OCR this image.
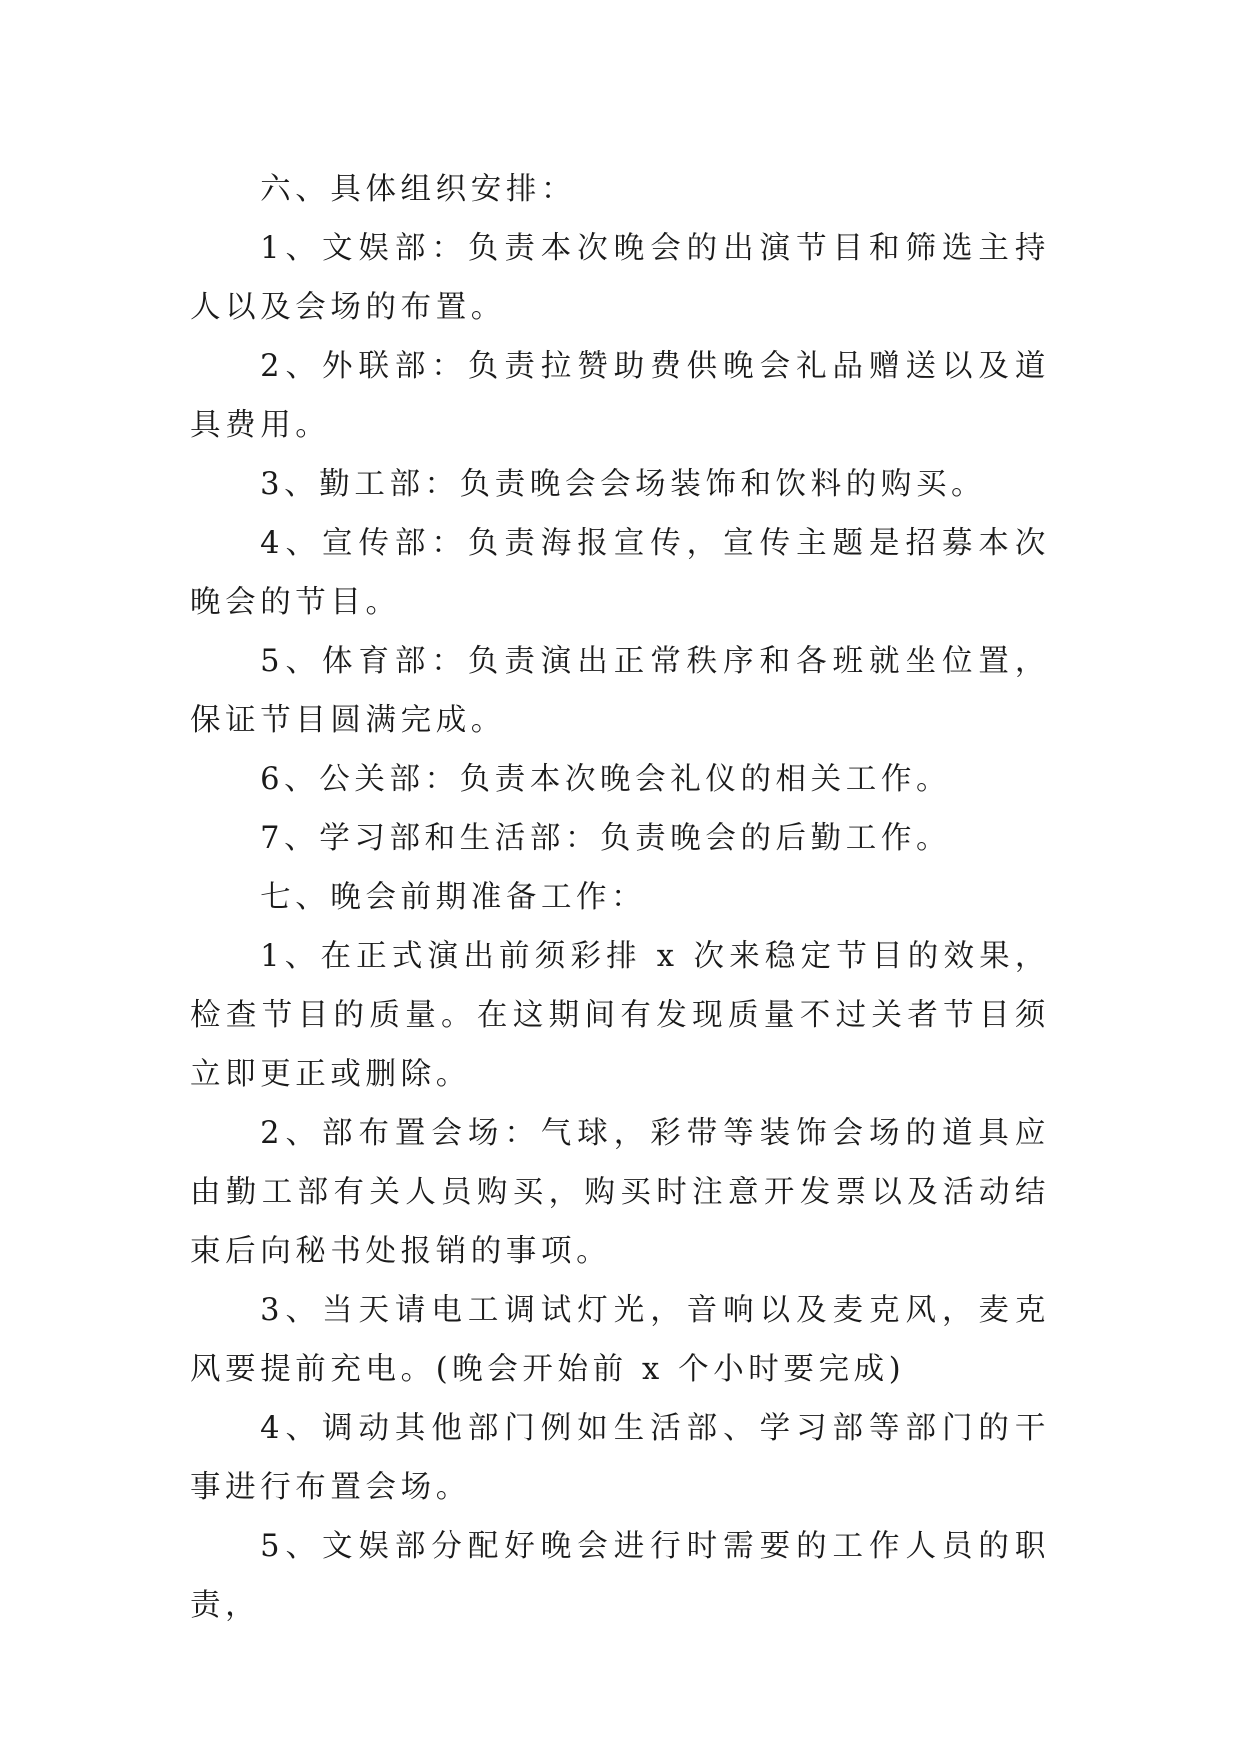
六、具体组织安排：

1、文娱部：负责本次晚会的出演节目和筛选主持人以及会场的布置。

2、外联部：负责拉赞助费供晚会礼品赠送以及道具费用。

3、勤工部：负责晚会会场装饰和饮料的购买。

4、宣传部：负责海报宣传，宣传主题是招募本次晚会的节目。

5、体育部：负责演出正常秩序和各班就坐位置，保证节目圆满完成。

6、公关部：负责本次晚会礼仪的相关工作。

7、学习部和生活部：负责晚会的后勤工作。

七、晚会前期准备工作：

1、在正式演出前须彩排 x 次来稳定节目的效果，检查节目的质量。在这期间有发现质量不过关者节目须立即更正或删除。

2、部布置会场：气球，彩带等装饰会场的道具应由勤工部有关人员购买，购买时注意开发票以及活动结束后向秘书处报销的事项。

3、当天请电工调试灯光，音响以及麦克风，麦克风要提前充电。(晚会开始前 x 个小时要完成)

4、调动其他部门例如生活部、学习部等部门的干事进行布置会场。

5、文娱部分配好晚会进行时需要的工作人员的职责，
